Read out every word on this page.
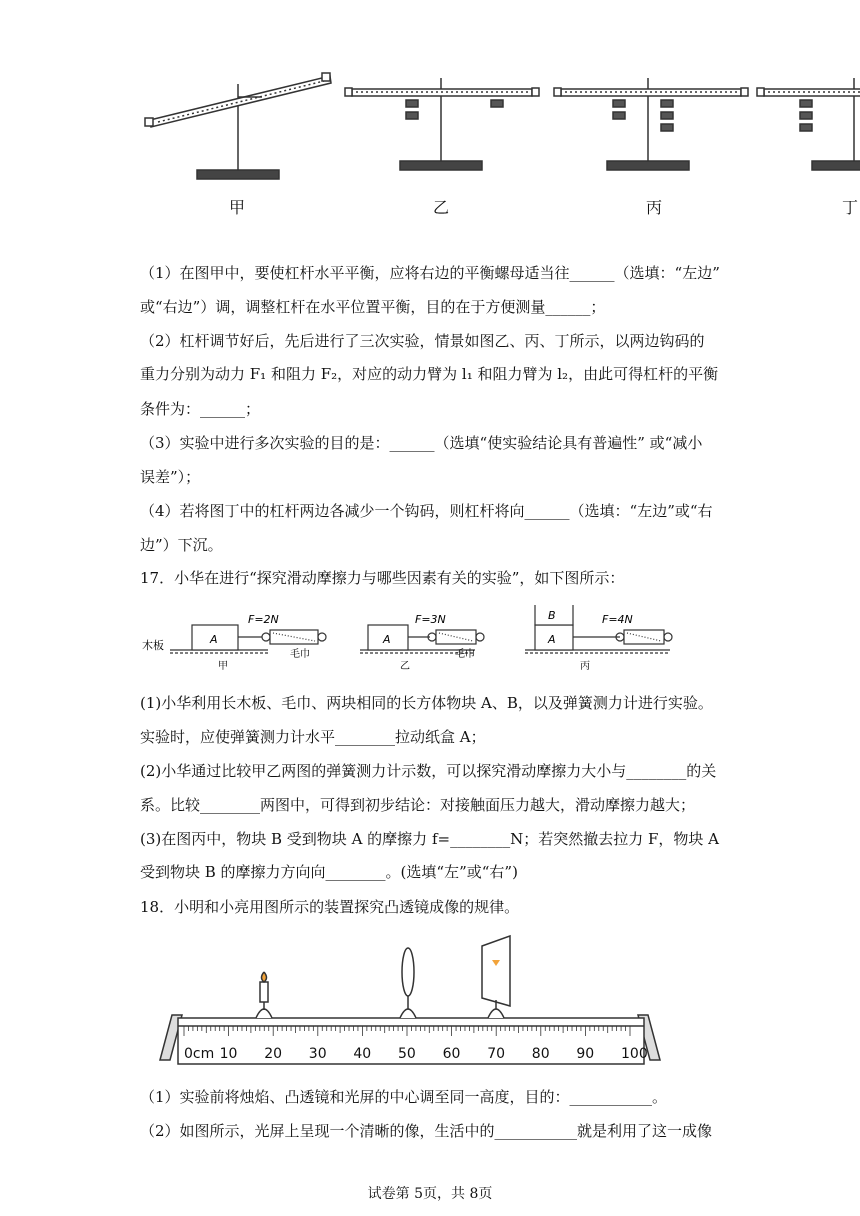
甲	乙	丙	丁
（1）在图甲中，要使杠杆水平平衡，应将右边的平衡螺母适当往______（选填：“左边”
或“右边”）调，调整杠杆在水平位置平衡，目的在于方便测量______；
（2）杠杆调节好后，先后进行了三次实验，情景如图乙、丙、丁所示，以两边钩码的
重力分别为动力 F₁ 和阻力 F₂，对应的动力臂为 l₁ 和阻力臂为 l₂，由此可得杠杆的平衡
条件为：______；
（3）实验中进行多次实验的目的是：______（选填“使实验结论具有普遍性” 或“减小
误差”）；
（4）若将图丁中的杠杆两边各减少一个钩码，则杠杆将向______（选填：“左边”或“右
边”）下沉。
17．小华在进行“探究滑动摩擦力与哪些因素有关的实验”，如下图所示：
木板	A
F=2N
甲
毛巾
A
F=3N
乙
毛巾
B
A
F=4N
丙
(1)小华利用长木板、毛巾、两块相同的长方体物块 A、B，以及弹簧测力计进行实验。
实验时，应使弹簧测力计水平________拉动纸盒 A；
(2)小华通过比较甲乙两图的弹簧测力计示数，可以探究滑动摩擦力大小与________的关
系。比较________两图中，可得到初步结论：对接触面压力越大，滑动摩擦力越大；
(3)在图丙中，物块 B 受到物块 A 的摩擦力 f=________N；若突然撤去拉力 F，物块 A
受到物块 B 的摩擦力方向向________。(选填“左”或“右”)
18．小明和小亮用图所示的装置探究凸透镜成像的规律。
0cm 10 20 30 40 50 60 70 80 90 100
（1）实验前将烛焰、凸透镜和光屏的中心调至同一高度，目的：___________。
（2）如图所示，光屏上呈现一个清晰的像，生活中的___________就是利用了这一成像
试卷第 5页，共 8页
